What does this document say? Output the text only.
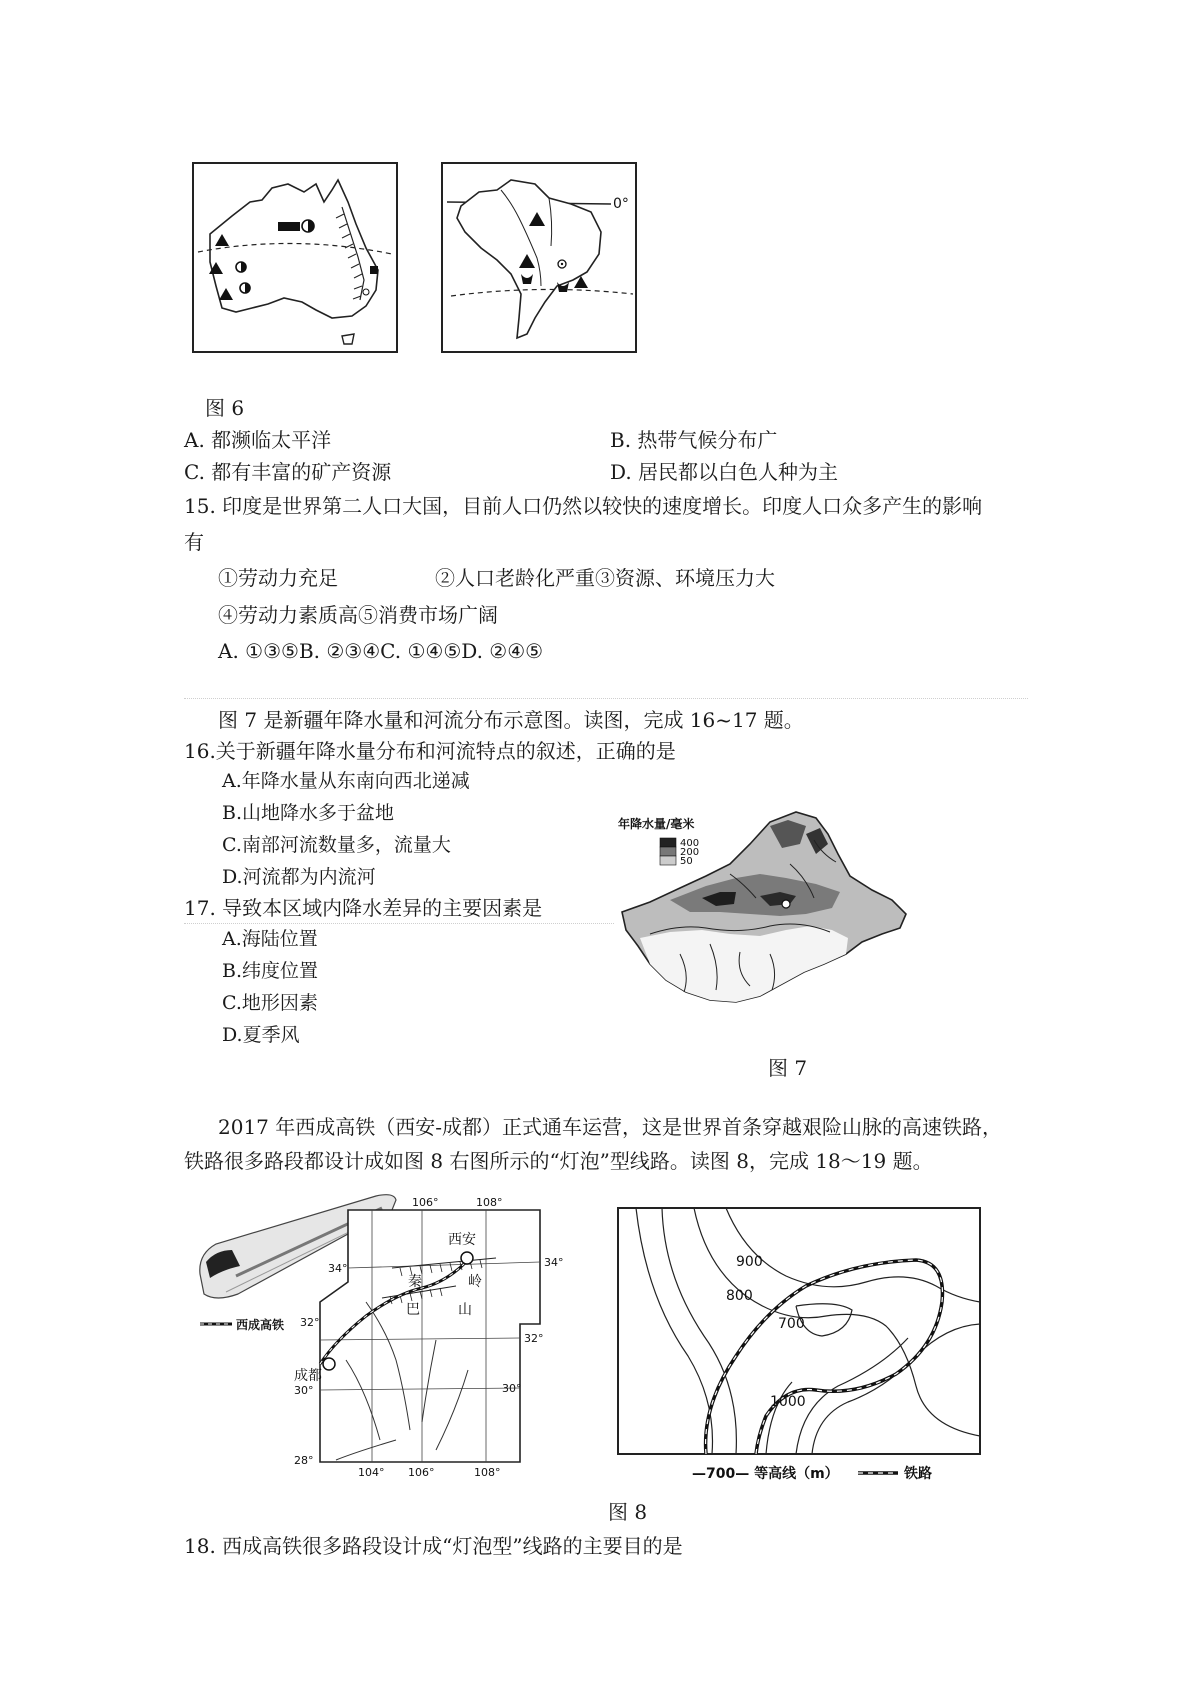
0°
图 6
A. 都濒临太平洋	B. 热带气候分布广
C. 都有丰富的矿产资源	D. 居民都以白色人种为主
15. 印度是世界第二人口大国，目前人口仍然以较快的速度增长。印度人口众多产生的影响
有
①劳动力充足	②人口老龄化严重③资源、环境压力大
④劳动力素质高⑤消费市场广阔
A. ①③⑤B. ②③④C. ①④⑤D. ②④⑤
图 7 是新疆年降水量和河流分布示意图。读图，完成 16~17 题。
16.关于新疆年降水量分布和河流特点的叙述，正确的是
A.年降水量从东南向西北递减
B.山地降水多于盆地
C.南部河流数量多，流量大
D.河流都为内流河
17. 导致本区域内降水差异的主要因素是
A.海陆位置
B.纬度位置
C.地形因素
D.夏季风
年降水量/毫米
400
200
50
图 7
2017 年西成高铁（西安-成都）正式通车运营，这是世界首条穿越艰险山脉的高速铁路，
铁路很多路段都设计成如图 8 右图所示的“灯泡”型线路。读图 8，完成 18～19 题。
西安
成都
秦	岭
巴	山
106°	108°
104° 106°	108°
34°	34°
32°
32°
30°	30°
28°
西成高铁
900
800
700
1000
—700— 等高线（m）	铁路
图 8
18. 西成高铁很多路段设计成“灯泡型”线路的主要目的是
